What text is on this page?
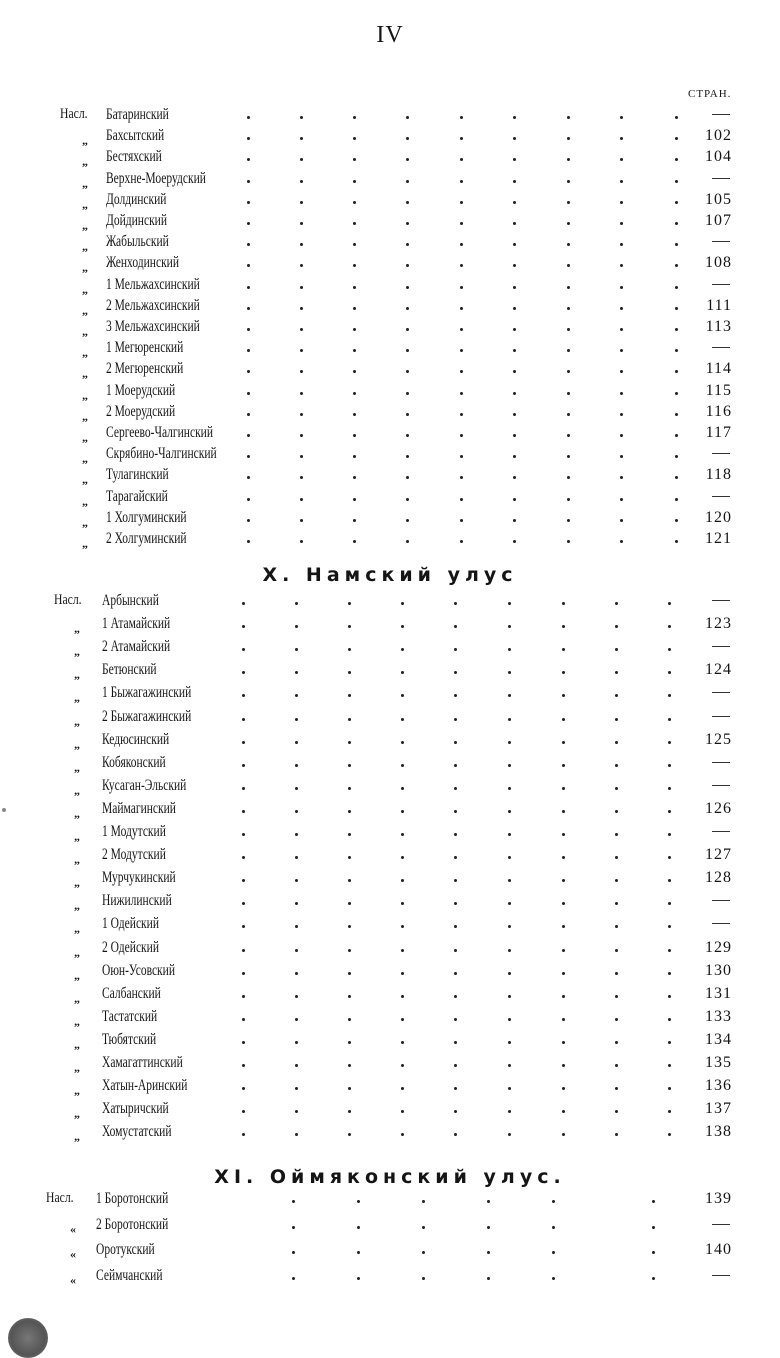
IV
СТРАН.
Насл. Батаринский
„ Бахсытский	102
„ Бестяхский	104
„ Верхне-Моерудский
„ Долдинский	105
„ Дойдинский	107
„ Жабыльский
„ Женходинский	108
„ 1 Мельжахсинский
„ 2 Мельжахсинский	111
„ 3 Мельжахсинский	113
„ 1 Мегюренский
„ 2 Мегюренский	114
„ 1 Моерудский	115
„ 2 Моерудский	116
„ Сергеево-Чалгинский	117
„ Скрябино-Чалгинский
„ Тулагинский	118
„ Тарагайский
„ 1 Холгуминский	120
„ 2 Холгуминский	121
X. Намский улус
Насл. Арбынский
„ 1 Атамайский	123
„ 2 Атамайский
„ Бетюнский	124
„ 1 Быжагажинский
„ 2 Быжагажинский
„ Кедюсинский	125
„ Кобяконский
„ Кусаган-Эльский
„ Маймагинский	126
„ 1 Модутский
„ 2 Модутский	127
„ Мурчукинский	128
„ Нижилинский
„ 1 Одейский
„ 2 Одейский	129
„ Оюн-Усовский	130
„ Салбанский	131
„ Тастатский	133
„ Тюбятский	134
„ Хамагаттинский	135
„ Хатын-Аринский	136
„ Хатыричский	137
„ Хомустатский	138
XI. Оймяконский улус.
Насл. 1 Боротонский	139
« 2 Боротонский
« Оротукский	140
« Сеймчанский
